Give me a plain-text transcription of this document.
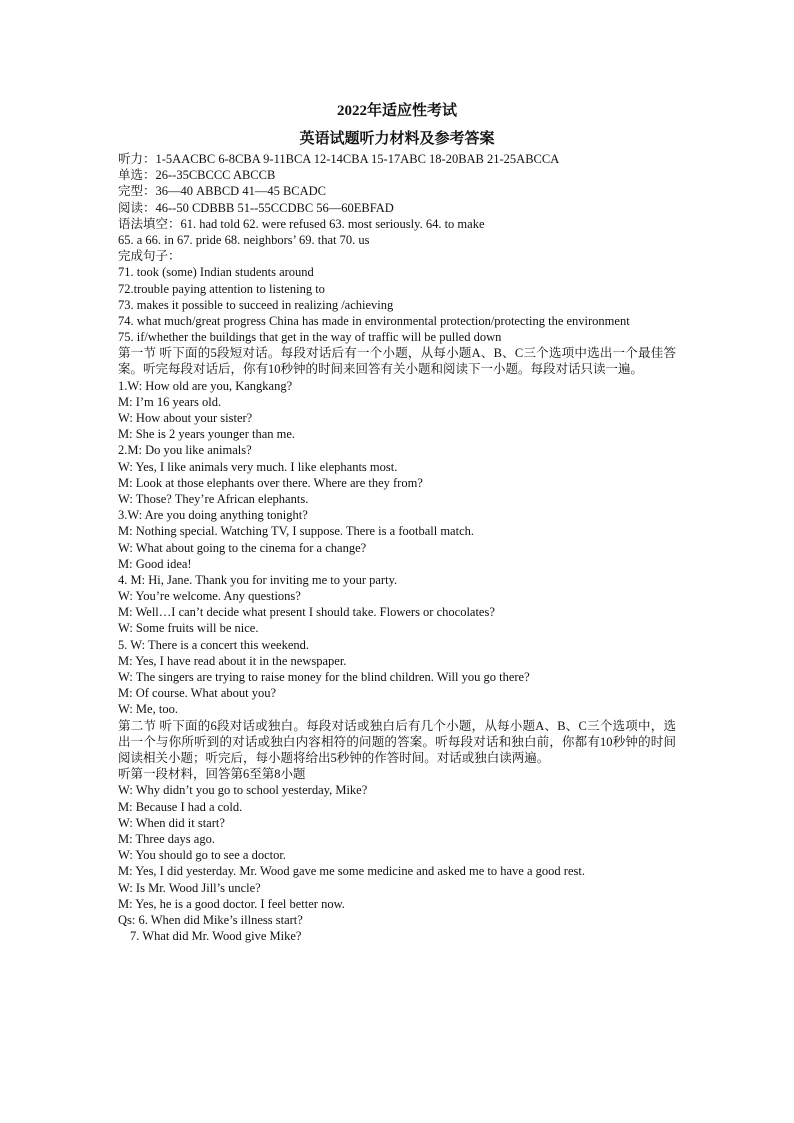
2022年适应性考试
英语试题听力材料及参考答案
听力：1-5AACBC 6-8CBA 9-11BCA 12-14CBA 15-17ABC 18-20BAB 21-25ABCCA
单选：26--35CBCCC ABCCB
完型：36—40 ABBCD 41—45 BCADC
阅读：46--50 CDBBB 51--55CCDBC 56—60EBFAD
语法填空：61. had told 62. were refused 63. most seriously. 64. to make
65. a 66. in 67. pride 68. neighbors’ 69. that 70. us
完成句子：
71. took (some) Indian students around
72.trouble paying attention to listening to
73. makes it possible to succeed in realizing /achieving
74. what much/great progress China has made in environmental protection/protecting the environment
75. if/whether the buildings that get in the way of traffic will be pulled down
第一节 听下面的5段短对话。每段对话后有一个小题，从每小题A、B、C三个选项中选出一个最佳答案。听完每段对话后，你有10秒钟的时间来回答有关小题和阅读下一小题。每段对话只读一遍。
1.W: How old are you, Kangkang?
M: I’m 16 years old.
W: How about your sister?
M: She is 2 years younger than me.
2.M: Do you like animals?
W: Yes, I like animals very much. I like elephants most.
M: Look at those elephants over there. Where are they from?
W: Those? They’re African elephants.
3.W: Are you doing anything tonight?
M: Nothing special. Watching TV, I suppose. There is a football match.
W: What about going to the cinema for a change?
M: Good idea!
4. M: Hi, Jane. Thank you for inviting me to your party.
W: You’re welcome. Any questions?
M: Well…I can’t decide what present I should take. Flowers or chocolates?
W: Some fruits will be nice.
5. W: There is a concert this weekend.
M: Yes, I have read about it in the newspaper.
W: The singers are trying to raise money for the blind children. Will you go there?
M: Of course. What about you?
W: Me, too.
第二节 听下面的6段对话或独白。每段对话或独白后有几个小题，从每小题A、B、C三个选项中，选出一个与你所听到的对话或独白内容相符的问题的答案。听每段对话和独白前，你都有10秒钟的时间阅读相关小题；听完后，每小题将给出5秒钟的作答时间。对话或独白读两遍。
听第一段材料，回答第6至第8小题
W: Why didn’t you go to school yesterday, Mike?
M: Because I had a cold.
W: When did it start?
M: Three days ago.
W: You should go to see a doctor.
M: Yes, I did yesterday. Mr. Wood gave me some medicine and asked me to have a good rest.
W: Is Mr. Wood Jill’s uncle?
M: Yes, he is a good doctor. I feel better now.
Qs: 6. When did Mike’s illness start?
7. What did Mr. Wood give Mike?
